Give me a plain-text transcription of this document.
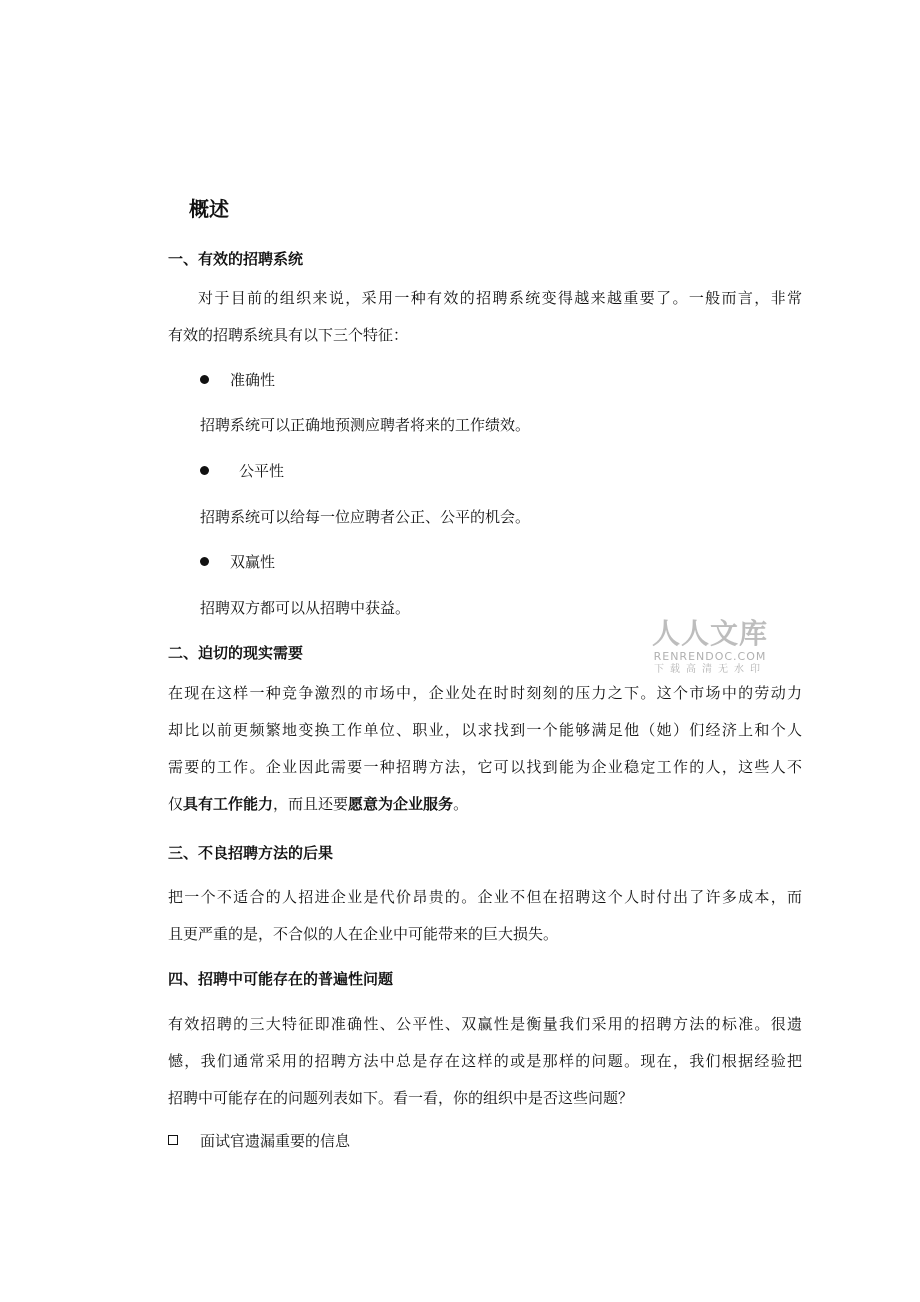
概述
一、有效的招聘系统
对于目前的组织来说，采用一种有效的招聘系统变得越来越重要了。一般而言，非常
有效的招聘系统具有以下三个特征：
准确性
招聘系统可以正确地预测应聘者将来的工作绩效。
公平性
招聘系统可以给每一位应聘者公正、公平的机会。
双赢性
招聘双方都可以从招聘中获益。
人人文库
RENRENDOC.COM
下载高清无水印
二、迫切的现实需要
在现在这样一种竞争激烈的市场中，企业处在时时刻刻的压力之下。这个市场中的劳动力
却比以前更频繁地变换工作单位、职业，以求找到一个能够满足他（她）们经济上和个人
需要的工作。企业因此需要一种招聘方法，它可以找到能为企业稳定工作的人，这些人不
仅具有工作能力，而且还要愿意为企业服务。
三、不良招聘方法的后果
把一个不适合的人招进企业是代价昂贵的。企业不但在招聘这个人时付出了许多成本，而
且更严重的是，不合似的人在企业中可能带来的巨大损失。
四、招聘中可能存在的普遍性问题
有效招聘的三大特征即准确性、公平性、双赢性是衡量我们采用的招聘方法的标准。很遗
憾，我们通常采用的招聘方法中总是存在这样的或是那样的问题。现在，我们根据经验把
招聘中可能存在的问题列表如下。看一看，你的组织中是否这些问题？
面试官遗漏重要的信息
